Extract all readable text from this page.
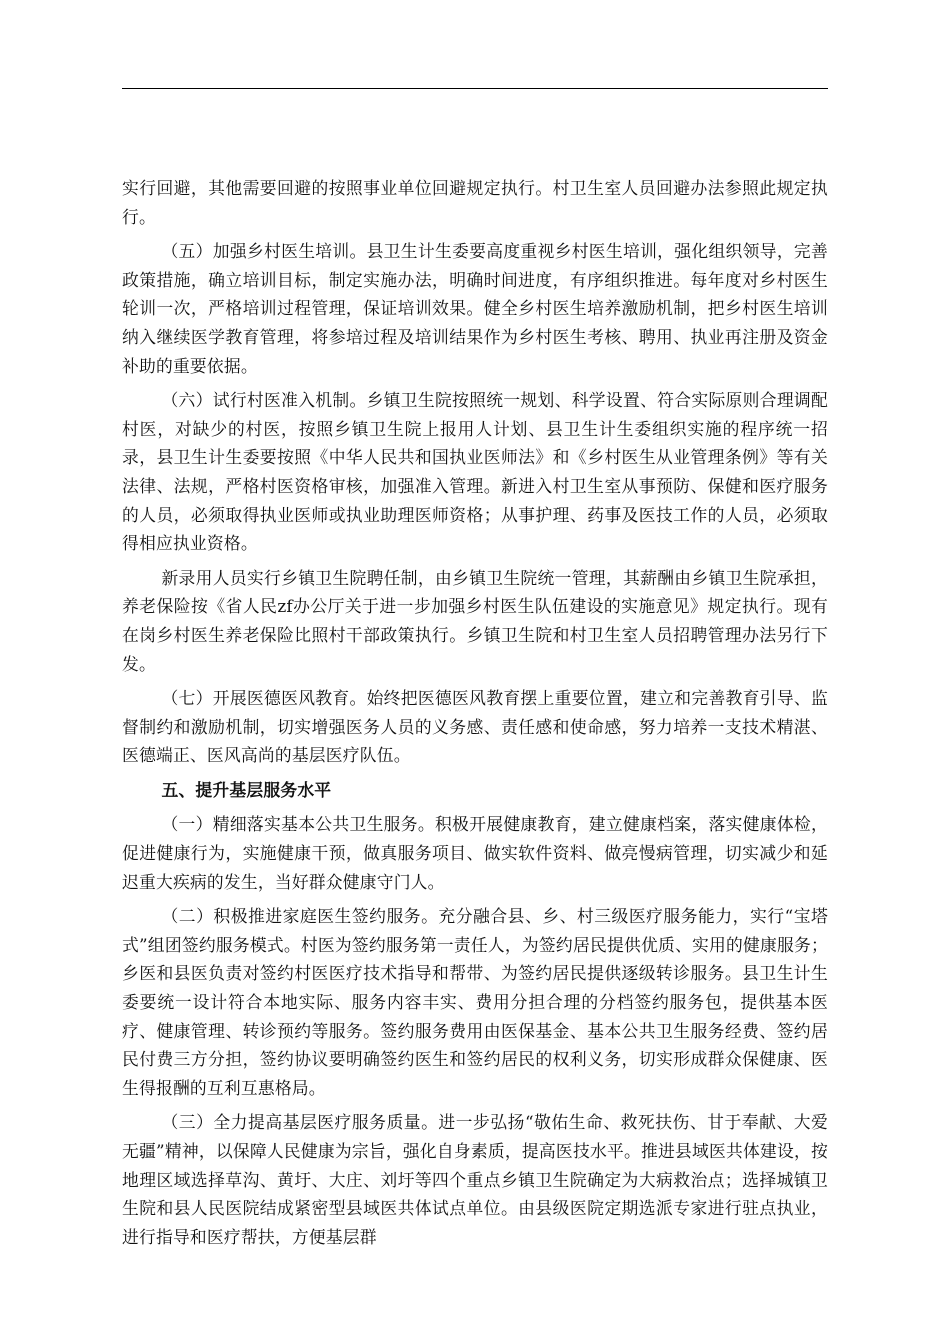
实行回避，其他需要回避的按照事业单位回避规定执行。村卫生室人员回避办法参照此规定执行。

（五）加强乡村医生培训。县卫生计生委要高度重视乡村医生培训，强化组织领导，完善政策措施，确立培训目标，制定实施办法，明确时间进度，有序组织推进。每年度对乡村医生轮训一次，严格培训过程管理，保证培训效果。健全乡村医生培养激励机制，把乡村医生培训纳入继续医学教育管理，将参培过程及培训结果作为乡村医生考核、聘用、执业再注册及资金补助的重要依据。

（六）试行村医准入机制。乡镇卫生院按照统一规划、科学设置、符合实际原则合理调配村医，对缺少的村医，按照乡镇卫生院上报用人计划、县卫生计生委组织实施的程序统一招录，县卫生计生委要按照《中华人民共和国执业医师法》和《乡村医生从业管理条例》等有关法律、法规，严格村医资格审核，加强准入管理。新进入村卫生室从事预防、保健和医疗服务的人员，必须取得执业医师或执业助理医师资格；从事护理、药事及医技工作的人员，必须取得相应执业资格。

新录用人员实行乡镇卫生院聘任制，由乡镇卫生院统一管理，其薪酬由乡镇卫生院承担，养老保险按《省人民zf办公厅关于进一步加强乡村医生队伍建设的实施意见》规定执行。现有在岗乡村医生养老保险比照村干部政策执行。乡镇卫生院和村卫生室人员招聘管理办法另行下发。

（七）开展医德医风教育。始终把医德医风教育摆上重要位置，建立和完善教育引导、监督制约和激励机制，切实增强医务人员的义务感、责任感和使命感，努力培养一支技术精湛、医德端正、医风高尚的基层医疗队伍。

五、提升基层服务水平

（一）精细落实基本公共卫生服务。积极开展健康教育，建立健康档案，落实健康体检，促进健康行为，实施健康干预，做真服务项目、做实软件资料、做亮慢病管理，切实减少和延迟重大疾病的发生，当好群众健康守门人。

（二）积极推进家庭医生签约服务。充分融合县、乡、村三级医疗服务能力，实行“宝塔式”组团签约服务模式。村医为签约服务第一责任人，为签约居民提供优质、实用的健康服务；乡医和县医负责对签约村医医疗技术指导和帮带、为签约居民提供逐级转诊服务。县卫生计生委要统一设计符合本地实际、服务内容丰实、费用分担合理的分档签约服务包，提供基本医疗、健康管理、转诊预约等服务。签约服务费用由医保基金、基本公共卫生服务经费、签约居民付费三方分担，签约协议要明确签约医生和签约居民的权利义务，切实形成群众保健康、医生得报酬的互利互惠格局。

（三）全力提高基层医疗服务质量。进一步弘扬“敬佑生命、救死扶伤、甘于奉献、大爱无疆”精神，以保障人民健康为宗旨，强化自身素质，提高医技水平。推进县域医共体建设，按地理区域选择草沟、黄圩、大庄、刘圩等四个重点乡镇卫生院确定为大病救治点；选择城镇卫生院和县人民医院结成紧密型县域医共体试点单位。由县级医院定期选派专家进行驻点执业，进行指导和医疗帮扶，方便基层群
